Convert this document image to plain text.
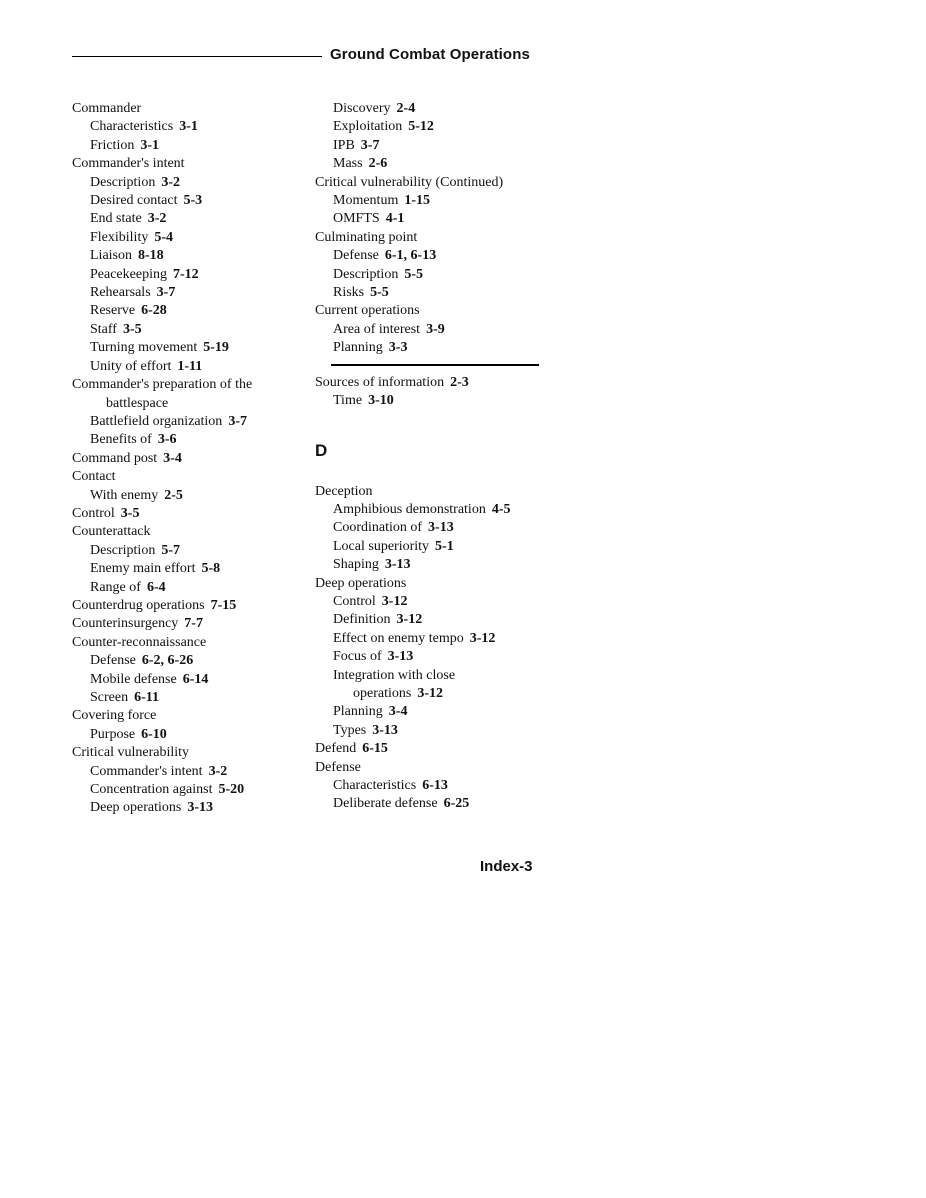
Ground Combat Operations
Commander
Characteristics 3-1
Friction 3-1
Commander's intent
Description 3-2
Desired contact 5-3
End state 3-2
Flexibility 5-4
Liaison 8-18
Peacekeeping 7-12
Rehearsals 3-7
Reserve 6-28
Staff 3-5
Turning movement 5-19
Unity of effort 1-11
Commander's preparation of the
battlespace
Battlefield organization 3-7
Benefits of 3-6
Command post 3-4
Contact
With enemy 2-5
Control 3-5
Counterattack
Description 5-7
Enemy main effort 5-8
Range of 6-4
Counterdrug operations 7-15
Counterinsurgency 7-7
Counter-reconnaissance
Defense 6-2, 6-26
Mobile defense 6-14
Screen 6-11
Covering force
Purpose 6-10
Critical vulnerability
Commander's intent 3-2
Concentration against 5-20
Deep operations 3-13
Discovery 2-4
Exploitation 5-12
IPB 3-7
Mass 2-6
Critical vulnerability (Continued)
Momentum 1-15
OMFTS 4-1
Culminating point
Defense 6-1, 6-13
Description 5-5
Risks 5-5
Current operations
Area of interest 3-9
Planning 3-3
Sources of information 2-3
Time 3-10
D
Deception
Amphibious demonstration 4-5
Coordination of 3-13
Local superiority 5-1
Shaping 3-13
Deep operations
Control 3-12
Definition 3-12
Effect on enemy tempo 3-12
Focus of 3-13
Integration with close
operations 3-12
Planning 3-4
Types 3-13
Defend 6-15
Defense
Characteristics 6-13
Deliberate defense 6-25
Index-3
